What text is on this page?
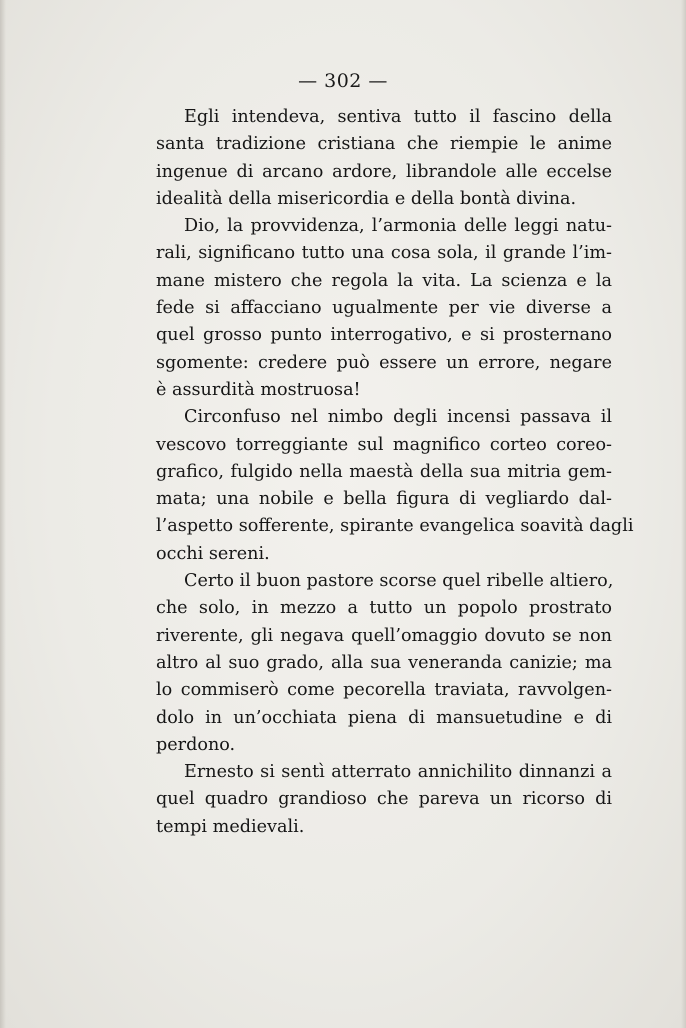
— 302 —
Egli intendeva, sentiva tutto il fascino della
santa tradizione cristiana che riempie le anime
ingenue di arcano ardore, librandole alle eccelse
idealità della misericordia e della bontà divina.
Dio, la provvidenza, l’armonia delle leggi natu-
rali, significano tutto una cosa sola, il grande l’im-
mane mistero che regola la vita. La scienza e la
fede si affacciano ugualmente per vie diverse a
quel grosso punto interrogativo, e si prosternano
sgomente: credere può essere un errore, negare
è assurdità mostruosa!
Circonfuso nel nimbo degli incensi passava il
vescovo torreggiante sul magnifico corteo coreo-
grafico, fulgido nella maestà della sua mitria gem-
mata; una nobile e bella figura di vegliardo dal-
l’aspetto sofferente, spirante evangelica soavità dagli
occhi sereni.
Certo il buon pastore scorse quel ribelle altiero,
che solo, in mezzo a tutto un popolo prostrato
riverente, gli negava quell’omaggio dovuto se non
altro al suo grado, alla sua veneranda canizie; ma
lo commiserò come pecorella traviata, ravvolgen-
dolo in un’occhiata piena di mansuetudine e di
perdono.
Ernesto si sentì atterrato annichilito dinnanzi a
quel quadro grandioso che pareva un ricorso di
tempi medievali.
